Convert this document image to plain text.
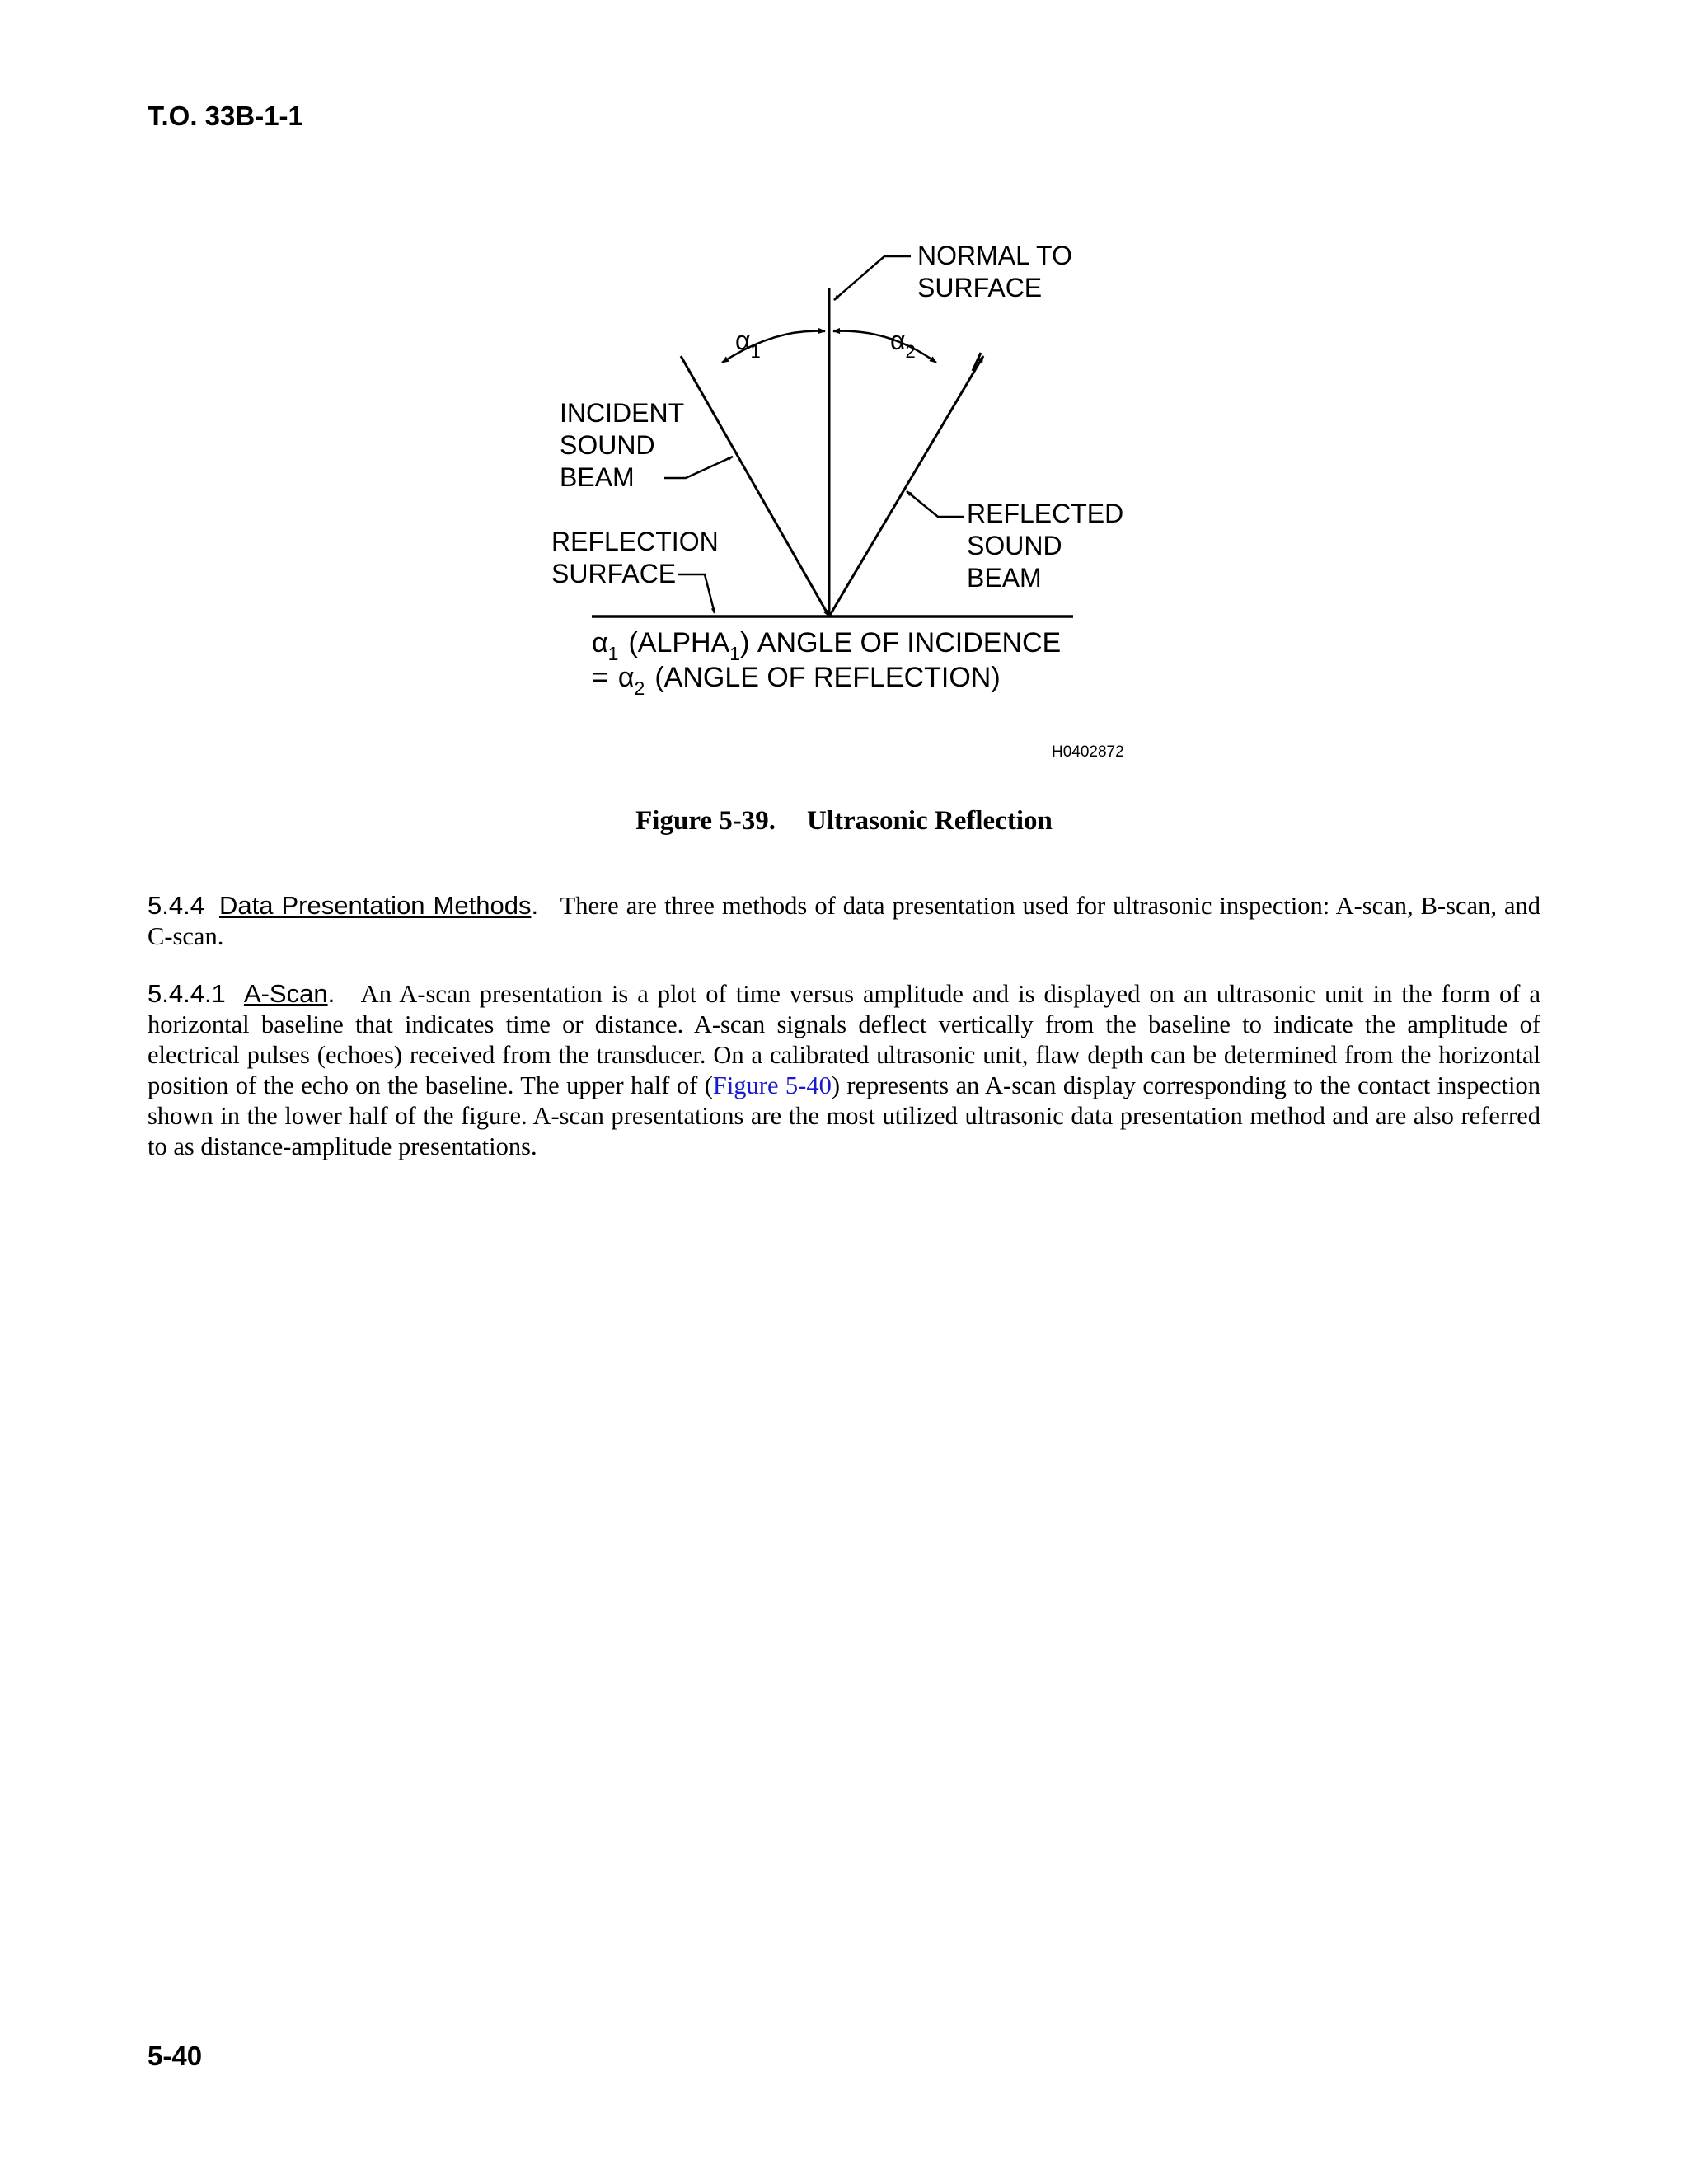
T.O. 33B-1-1
NORMAL TO
SURFACE
$\alpha_1$	$\alpha_2$
INCIDENT
SOUND
BEAM
REFLECTION
SURFACE
REFLECTED
SOUND
BEAM
$\alpha_1$ $(ALPHA_1)$ ANGLE OF INCIDENCE
= $\alpha_2$ (ANGLE OF REFLECTION)
H0402872
Figure 5-39. Ultrasonic Reflection
5.4.4 Data Presentation Methods. There are three methods of data presentation used for ultrasonic inspection: A-scan, B-scan, and C-scan.
5.4.4.1 A-Scan. An A-scan presentation is a plot of time versus amplitude and is displayed on an ultrasonic unit in the form of a horizontal baseline that indicates time or distance. A-scan signals deflect vertically from the baseline to indicate the amplitude of electrical pulses (echoes) received from the transducer. On a calibrated ultrasonic unit, flaw depth can be determined from the horizontal position of the echo on the baseline. The upper half of (Figure 5-40) represents an A-scan display corresponding to the contact inspection shown in the lower half of the figure. A-scan presentations are the most utilized ultrasonic data presentation method and are also referred to as distance-amplitude presentations.
5-40
